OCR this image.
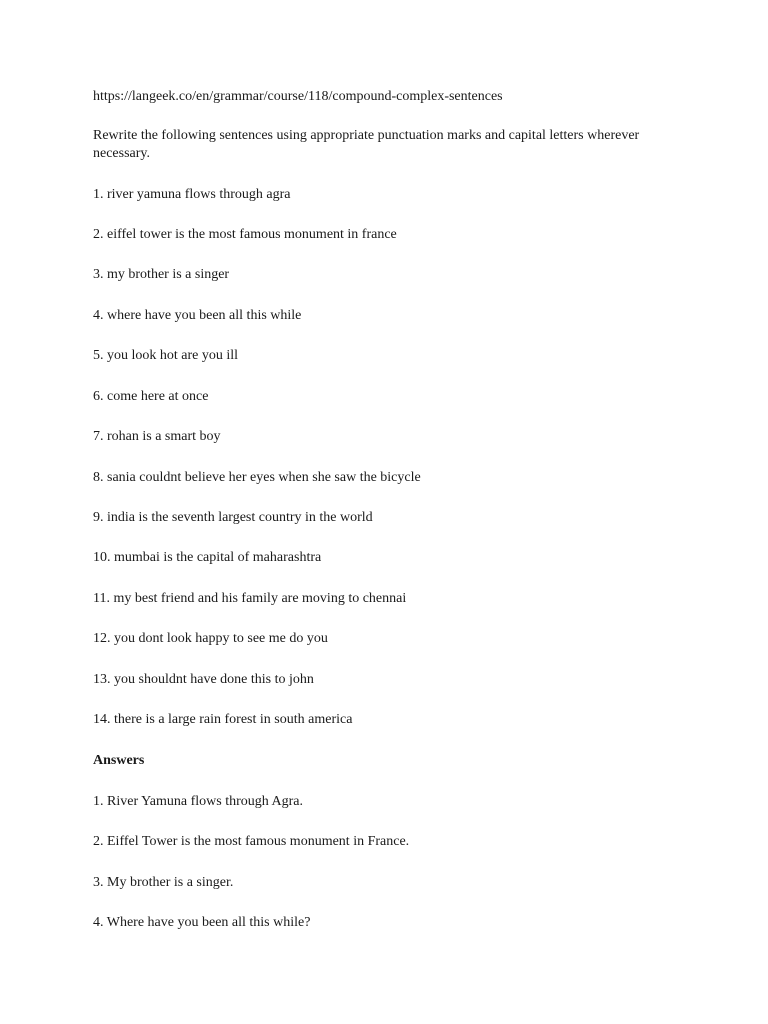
https://langeek.co/en/grammar/course/118/compound-complex-sentences
Rewrite the following sentences using appropriate punctuation marks and capital letters wherever necessary.
1. river yamuna flows through agra
2. eiffel tower is the most famous monument in france
3. my brother is a singer
4. where have you been all this while
5. you look hot are you ill
6. come here at once
7. rohan is a smart boy
8. sania couldnt believe her eyes when she saw the bicycle
9. india is the seventh largest country in the world
10. mumbai is the capital of maharashtra
11. my best friend and his family are moving to chennai
12. you dont look happy to see me do you
13. you shouldnt have done this to john
14. there is a large rain forest in south america
Answers
1. River Yamuna flows through Agra.
2. Eiffel Tower is the most famous monument in France.
3. My brother is a singer.
4. Where have you been all this while?
